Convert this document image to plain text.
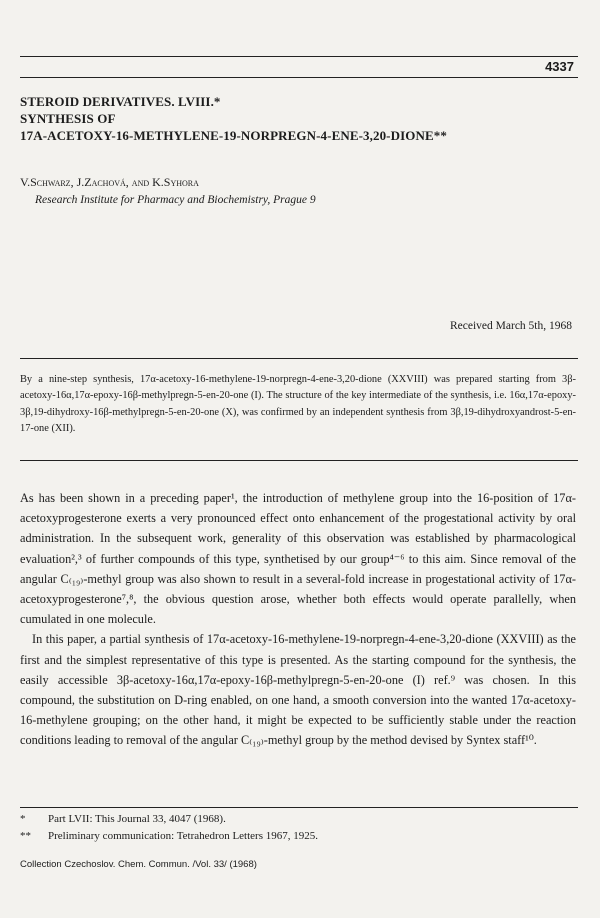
4337
STEROID DERIVATIVES. LVIII.*
SYNTHESIS OF
17Α-ACETOXY-16-METHYLENE-19-NORPREGN-4-ENE-3,20-DIONE**
V.Schwarz, J.Zachová, and K.Syhora
Research Institute for Pharmacy and Biochemistry, Prague 9
Received March 5th, 1968

By a nine-step synthesis, 17α-acetoxy-16-methylene-19-norpregn-4-ene-3,20-dione (XXVIII) was prepared starting from 3β-acetoxy-16α,17α-epoxy-16β-methylpregn-5-en-20-one (I). The structure of the key intermediate of the synthesis, i.e. 16α,17α-epoxy-3β,19-dihydroxy-16β-methylpregn-5-en-20-one (X), was confirmed by an independent synthesis from 3β,19-dihydroxyandrost-5-en-17-one (XII).

As has been shown in a preceding paper¹, the introduction of methylene group into the 16-position of 17α-acetoxyprogesterone exerts a very pronounced effect onto enhancement of the progestational activity by oral administration. In the subsequent work, generality of this observation was established by pharmacological evaluation²,³ of further compounds of this type, synthetised by our group⁴⁻⁶ to this aim. Since removal of the angular C₍₁₉₎-methyl group was also shown to result in a several-fold increase in progestational activity of 17α-acetoxyprogesterone⁷,⁸, the obvious question arose, whether both effects would operate parallelly, when cumulated in one molecule.

In this paper, a partial synthesis of 17α-acetoxy-16-methylene-19-norpregn-4-ene-3,20-dione (XXVIII) as the first and the simplest representative of this type is presented. As the starting compound for the synthesis, the easily accessible 3β-acetoxy-16α,17α-epoxy-16β-methylpregn-5-en-20-one (I) ref.⁹ was chosen. In this compound, the substitution on D-ring enabled, on one hand, a smooth conversion into the wanted 17α-acetoxy-16-methylene grouping; on the other hand, it might be expected to be sufficiently stable under the reaction conditions leading to removal of the angular C₍₁₉₎-methyl group by the method devised by Syntex staff¹⁰.

* Part LVII: This Journal 33, 4047 (1968).
** Preliminary communication: Tetrahedron Letters 1967, 1925.
Collection Czechoslov. Chem. Commun. /Vol. 33/ (1968)
